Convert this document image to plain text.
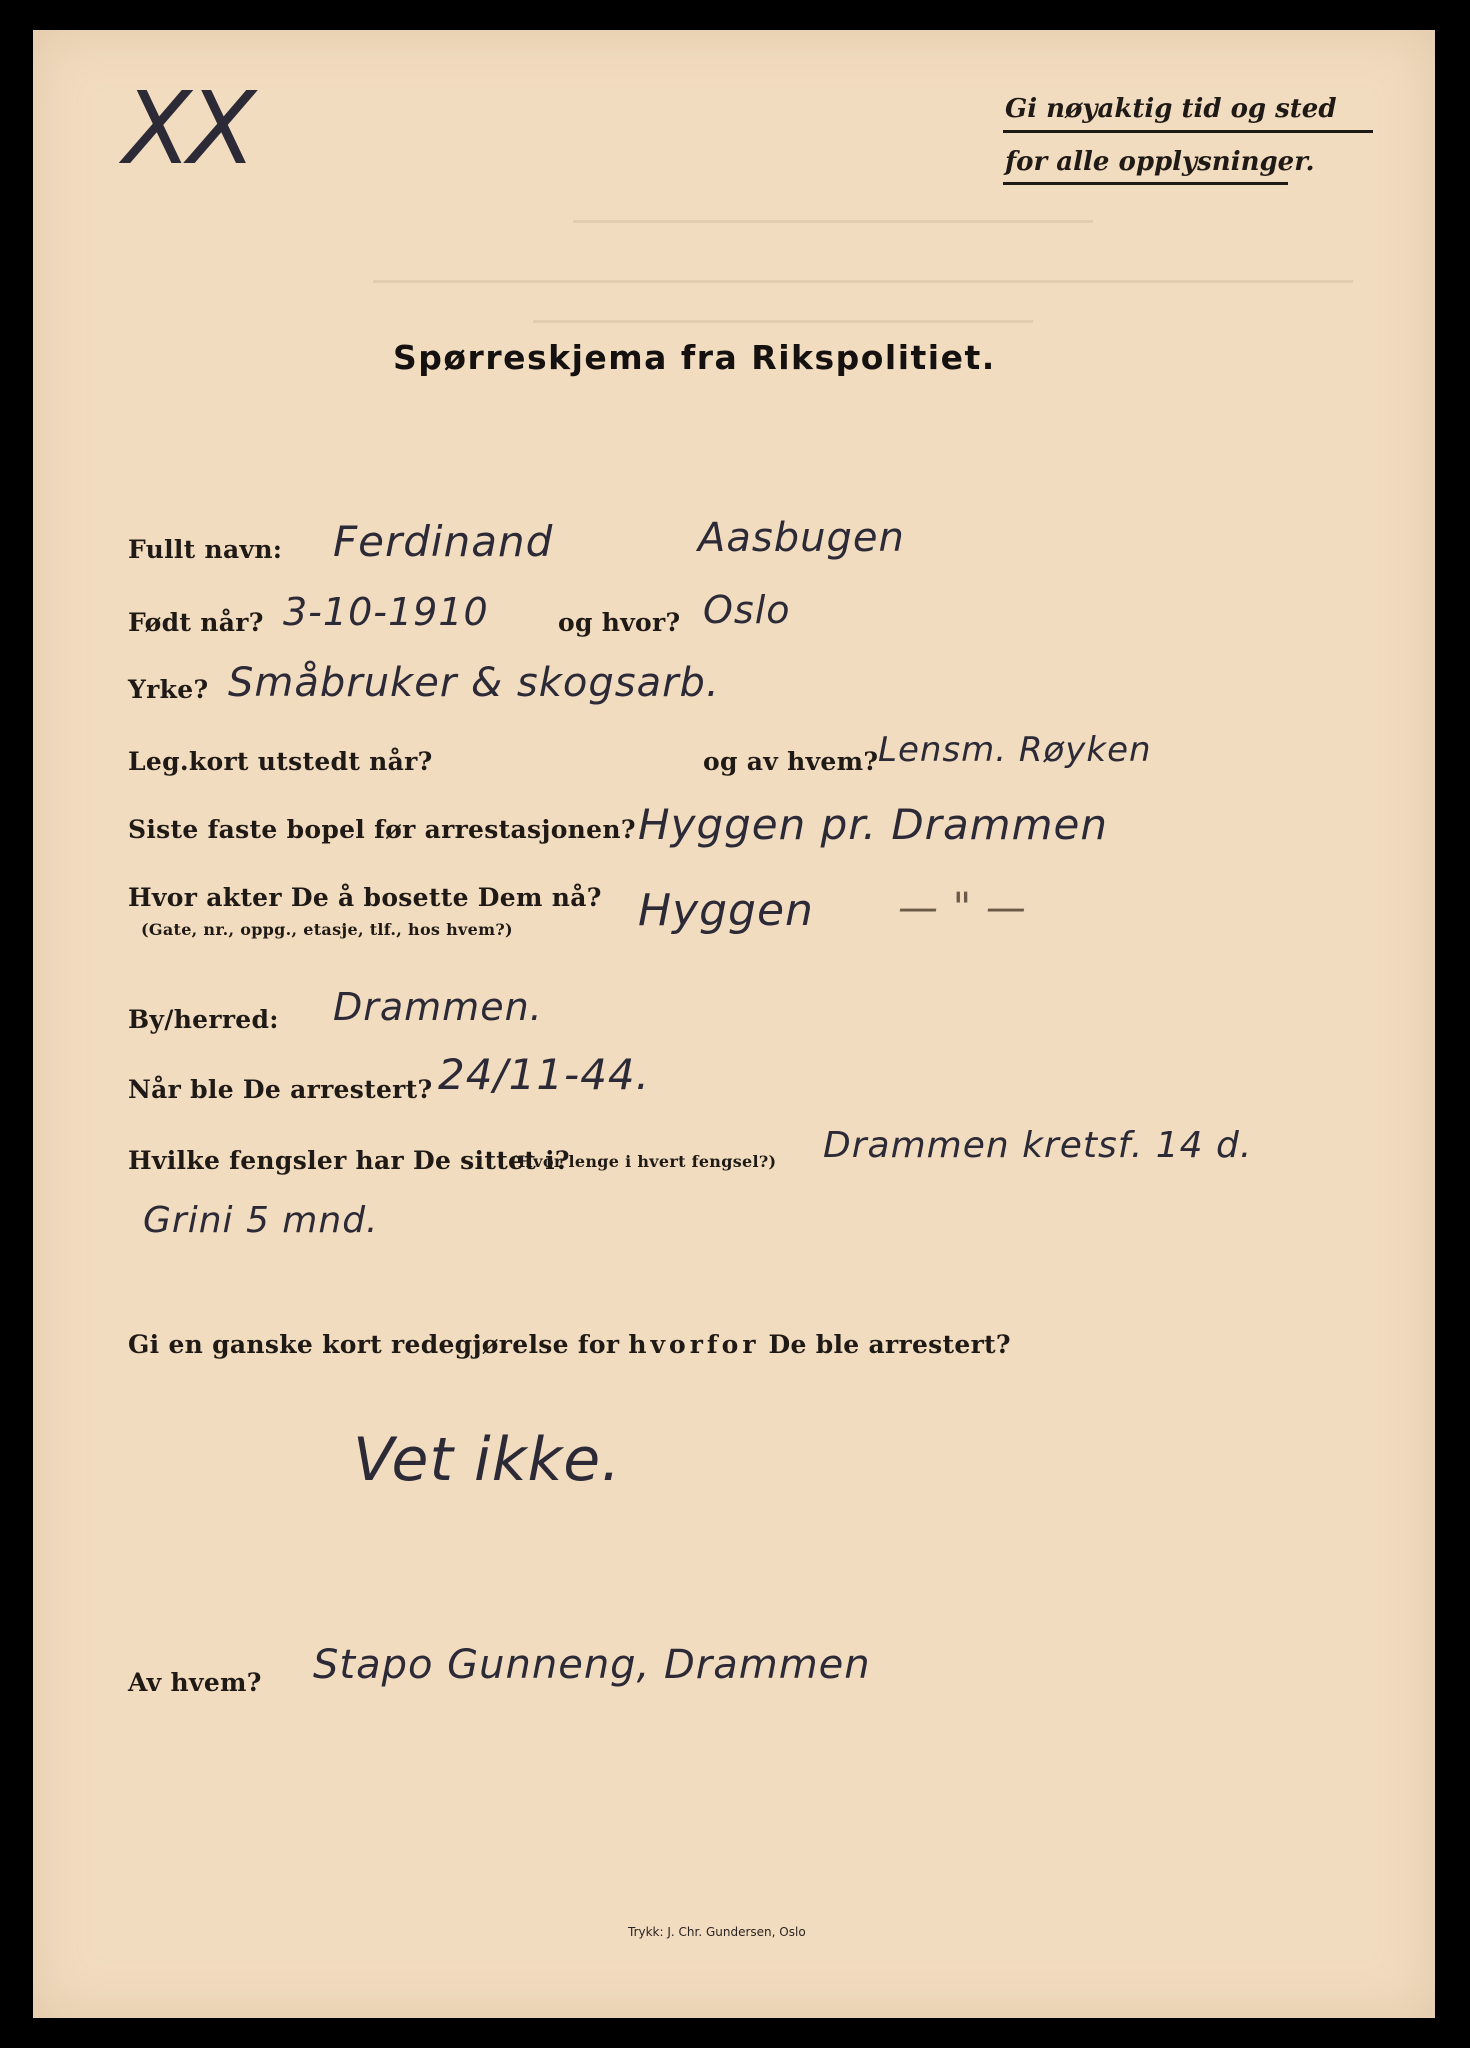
XX	Gi nøyaktig tid og sted
for alle opplysninger.
Spørreskjema fra Rikspolitiet.
Fullt navn: Ferdinand	Aasbugen
Født når? 3-10-1910	og hvor? Oslo
Yrke? Småbruker & skogsarb.
Leg.kort utstedt når?	og av hvem? Lensm. Røyken
Siste faste bopel før arrestasjonen? Hyggen pr. Drammen
Hvor akter De å bosette Dem nå?
(Gate, nr., oppg., etasje, tlf., hos hvem?)	Hyggen — " —
By/herred: Drammen.
Når ble De arrestert? 24/11-44.
Hvilke fengsler har De sittet i?
(Hvor lenge i hvert fengsel?) Drammen kretsf. 14 d.
Grini 5 mnd.
Gi en ganske kort redegjørelse for hvorfor De ble arrestert?
Vet ikke.
Av hvem? Stapo Gunneng, Drammen
Trykk: J. Chr. Gundersen, Oslo
